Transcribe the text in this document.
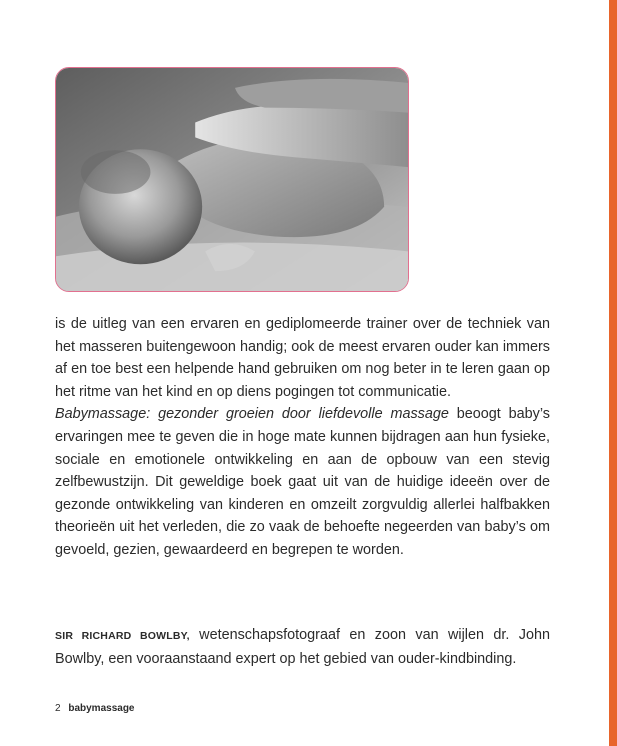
is de uitleg van een ervaren en gediplomeerde trainer over de techniek van het masseren buitengewoon handig; ook de meest ervaren ouder kan immers af en toe best een helpende hand gebruiken om nog beter in te leren gaan op het ritme van het kind en op diens pogingen tot communicatie.

Babymassage: gezonder groeien door liefdevolle massage beoogt baby’s ervaringen mee te geven die in hoge mate kunnen bijdragen aan hun fysieke, sociale en emotionele ontwikkeling en aan de opbouw van een stevig zelfbewustzijn. Dit geweldige boek gaat uit van de huidige ideeën over de gezonde ontwikkeling van kinderen en omzeilt zorgvuldig allerlei halfbakken theorieën uit het verleden, die zo vaak de behoefte negeerden van baby’s om gevoeld, gezien, gewaardeerd en begrepen te worden.

SIR RICHARD BOWLBY, wetenschapsfotograaf en zoon van wijlen dr. John Bowlby, een vooraanstaand expert op het gebied van ouder-kindbinding.
2 babymassage
